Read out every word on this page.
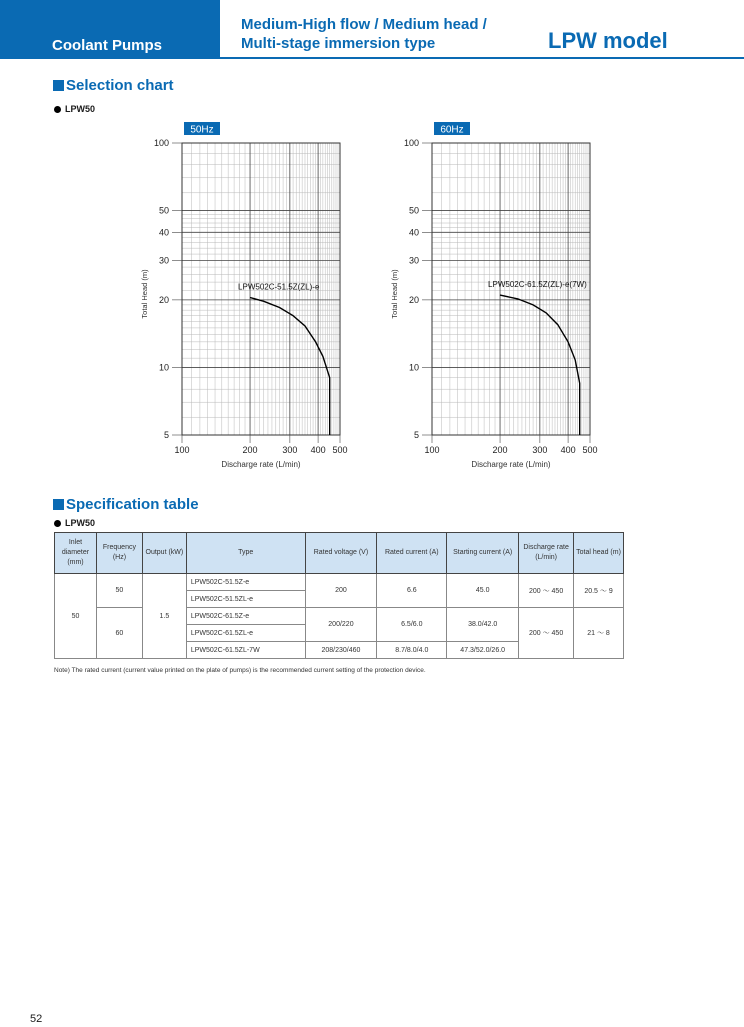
Coolant Pumps
Medium-High flow / Medium head /
Multi-stage immersion type	LPW model
Selection chart
LPW50
5
10
20
30
40
50
100
100	200	300 400 500
Discharge rate (L/min)
Total Head (m)
50Hz
LPW502C-51.5Z(ZL)-e
5
10
20
30
40
50
100
100	200	300 400 500
Discharge rate (L/min)
Total Head (m)
60Hz
LPW502C-61.5Z(ZL)-e(7W)
Specification table
LPW50
Inlet diameter (mm)	Frequency (Hz)	Output (kW)	Type	Rated voltage (V)	Rated current (A)	Starting current (A)	Discharge rate (L/min)	Total head (m)
50	50	1.5	LPW502C-51.5Z-e	200	6.6	45.0	200 ～ 450	20.5 ～ 9
			LPW502C-51.5ZL-e					
	60		LPW502C-61.5Z-e	200/220	6.5/6.0	38.0/42.0	200 ～ 450	21 ～ 8
			LPW502C-61.5ZL-e					
			LPW502C-61.5ZL-7W	208/230/460	8.7/8.0/4.0	47.3/52.0/26.0		
Note) The rated current (current value printed on the plate of pumps) is the recommended current setting of the protection device.
52
